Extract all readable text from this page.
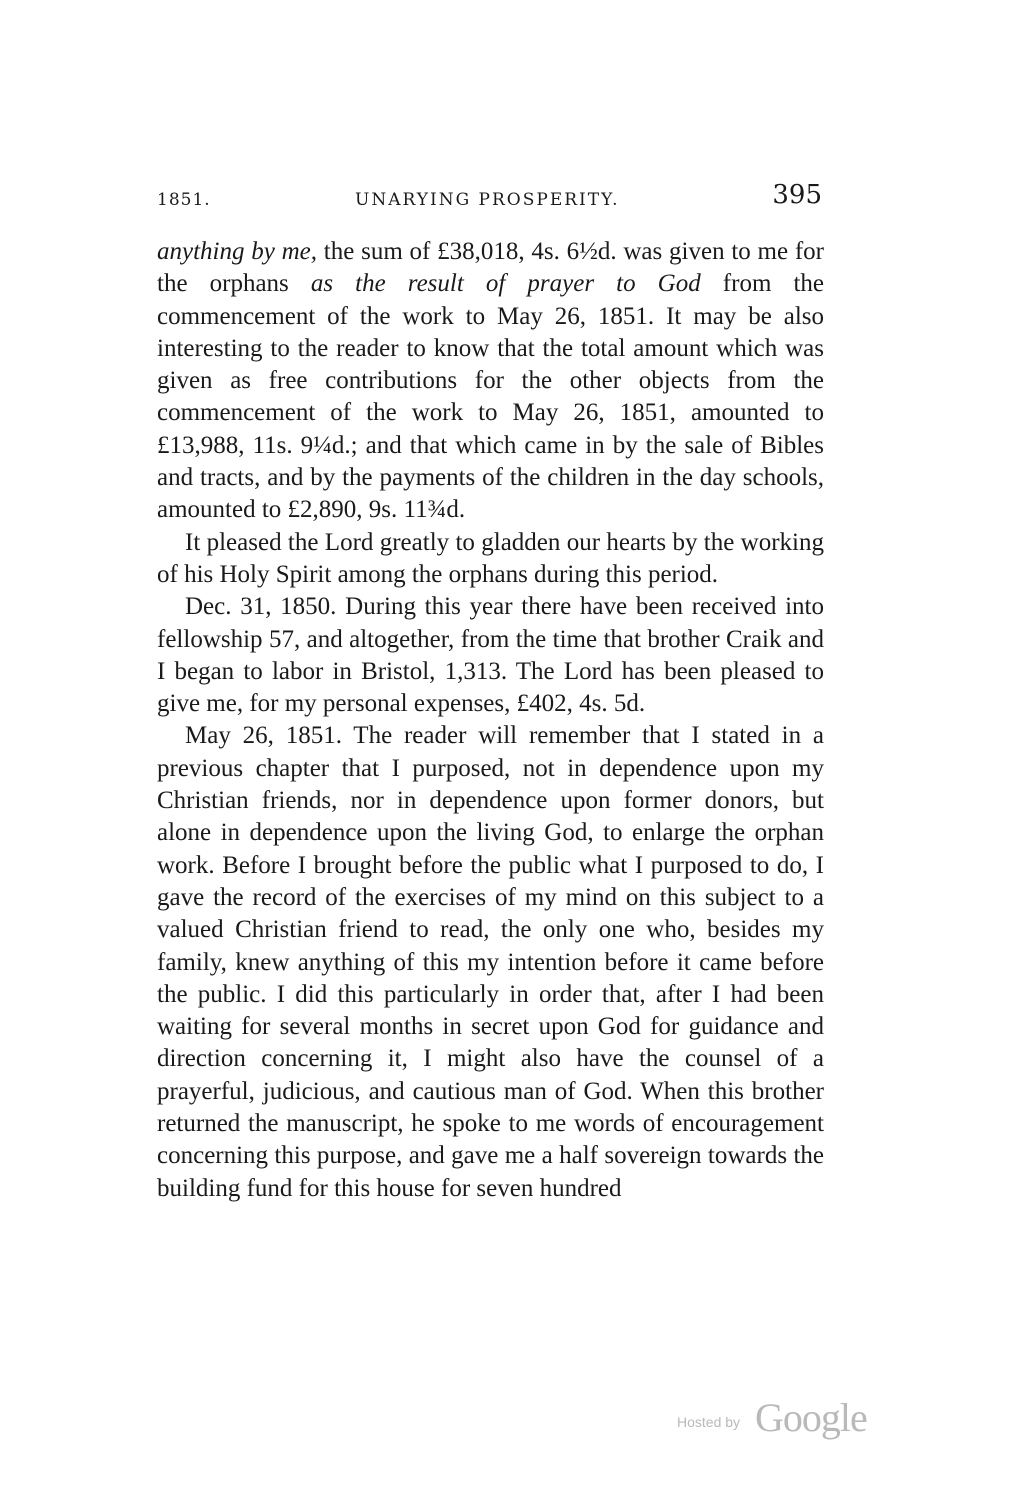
1851.	UNARYING PROSPERITY.	395

anything by me, the sum of £38,018, 4s. 6½d. was given to me for the orphans as the result of prayer to God from the commencement of the work to May 26, 1851. It may be also interesting to the reader to know that the total amount which was given as free contributions for the other objects from the commencement of the work to May 26, 1851, amounted to £13,988, 11s. 9¼d.; and that which came in by the sale of Bibles and tracts, and by the payments of the children in the day schools, amounted to £2,890, 9s. 11¾d.

It pleased the Lord greatly to gladden our hearts by the working of his Holy Spirit among the orphans during this period.

Dec. 31, 1850. During this year there have been received into fellowship 57, and altogether, from the time that brother Craik and I began to labor in Bristol, 1,313. The Lord has been pleased to give me, for my personal expenses, £402, 4s. 5d.

May 26, 1851. The reader will remember that I stated in a previous chapter that I purposed, not in dependence upon my Christian friends, nor in dependence upon former donors, but alone in dependence upon the living God, to enlarge the orphan work. Before I brought before the public what I purposed to do, I gave the record of the exercises of my mind on this subject to a valued Christian friend to read, the only one who, besides my family, knew anything of this my intention before it came before the public. I did this particularly in order that, after I had been waiting for several months in secret upon God for guidance and direction concerning it, I might also have the counsel of a prayerful, judicious, and cautious man of God. When this brother returned the manuscript, he spoke to me words of encouragement concerning this purpose, and gave me a half sovereign towards the building fund for this house for seven hundred

Hosted by Google
